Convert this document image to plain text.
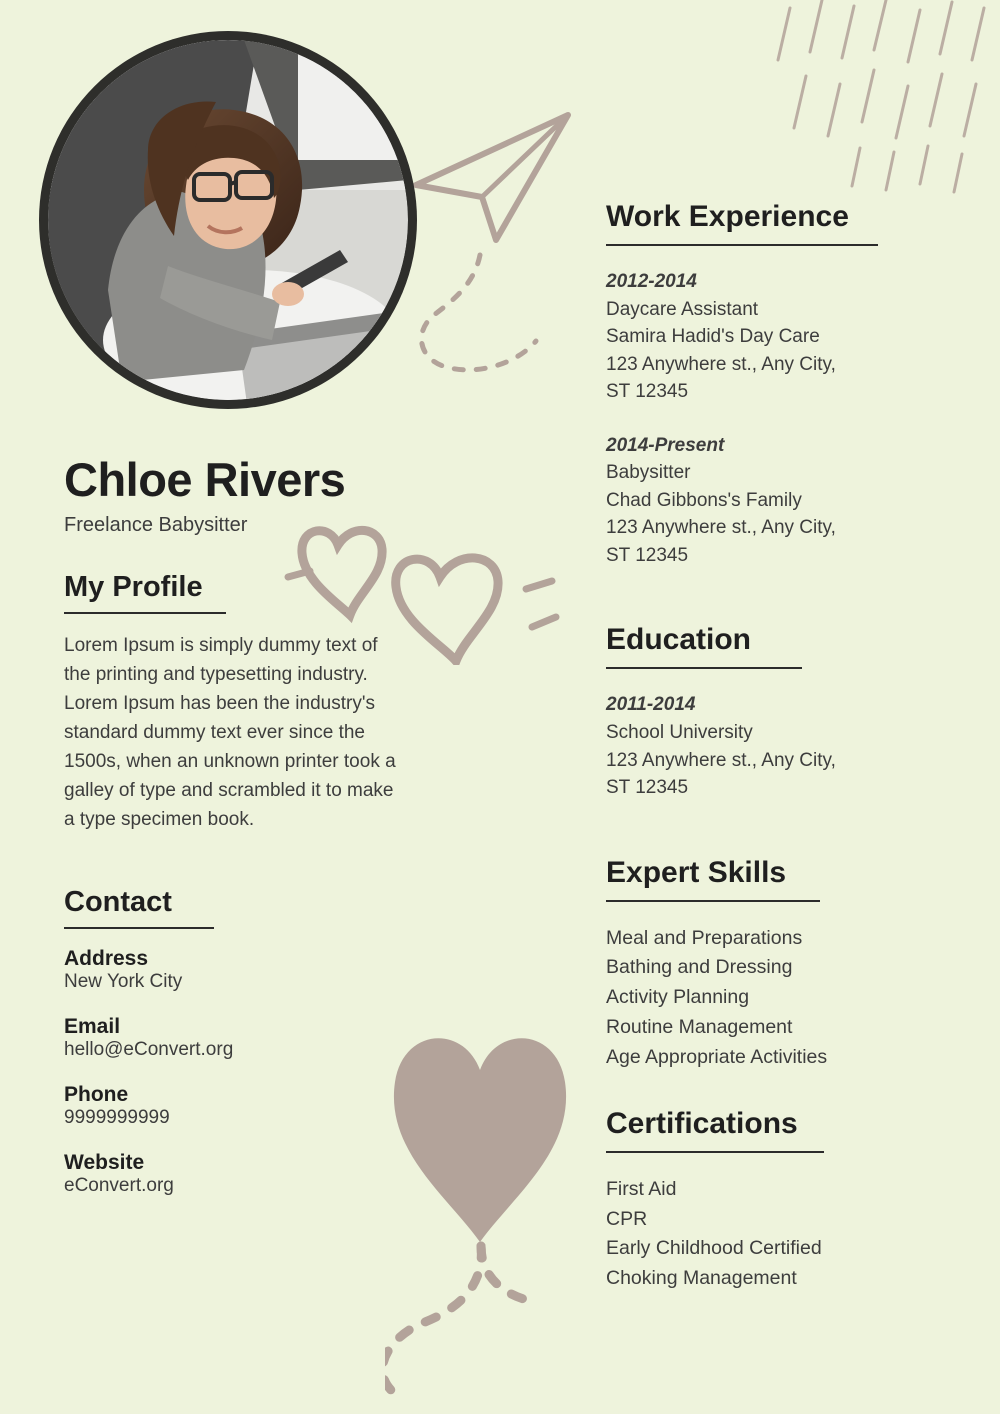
Chloe Rivers

Freelance Babysitter

My Profile

Lorem Ipsum is simply dummy text of the printing and typesetting industry. Lorem Ipsum has been the industry's standard dummy text ever since the 1500s, when an unknown printer took a galley of type and scrambled it to make a type specimen book.

Contact

Address

New York City

Email

hello@eConvert.org

Phone

9999999999

Website

eConvert.org

Work Experience

2012-2014

Daycare Assistant

Samira Hadid's Day Care

123 Anywhere st., Any City,

ST 12345

2014-Present

Babysitter

Chad Gibbons's Family

123 Anywhere st., Any City,

ST 12345

Education

2011-2014

School University

123 Anywhere st., Any City,

ST 12345

Expert Skills

Meal and Preparations

Bathing and Dressing

Activity Planning

Routine Management

Age Appropriate Activities

Certifications

First Aid

CPR

Early Childhood Certified

Choking Management
